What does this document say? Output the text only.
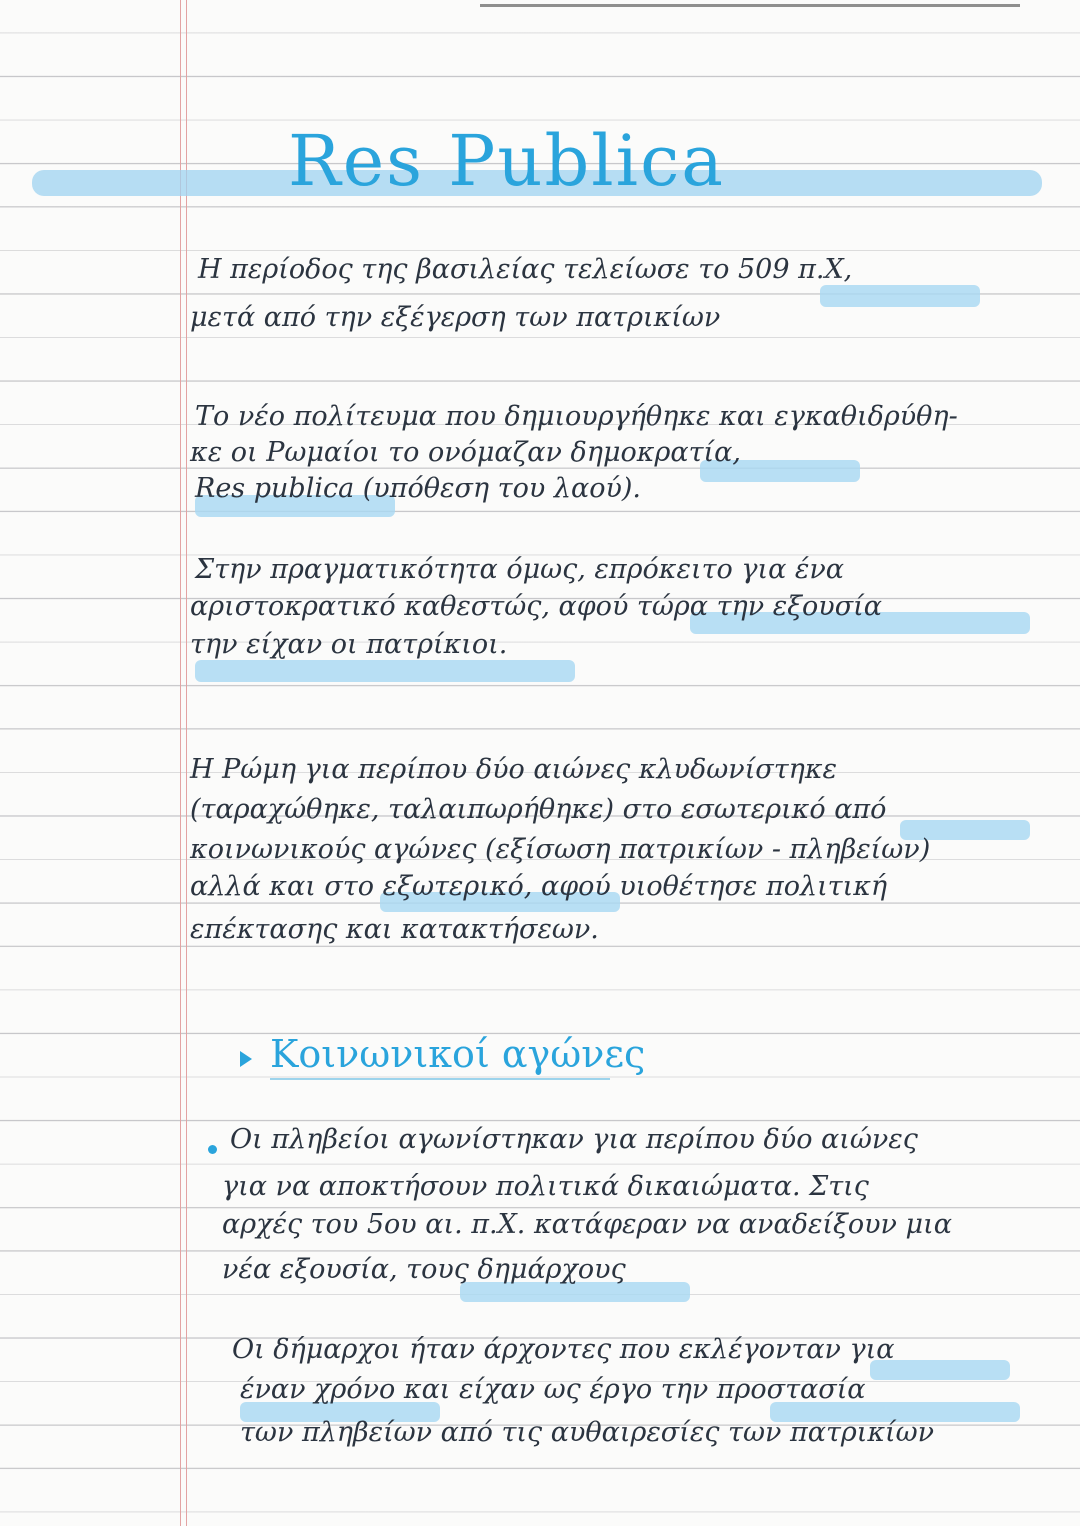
Res Publica
Η περίοδος της βασιλείας τελείωσε το 509 π.Χ,
μετά από την εξέγερση των πατρικίων
Το νέο πολίτευμα που δημιουργήθηκε και εγκαθιδρύθη-
κε οι Ρωμαίοι το ονόμαζαν δημοκρατία,
Res publica (υπόθεση του λαού).
Στην πραγματικότητα όμως, επρόκειτο για ένα
αριστοκρατικό καθεστώς, αφού τώρα την εξουσία
την είχαν οι πατρίκιοι.
Η Ρώμη για περίπου δύο αιώνες κλυδωνίστηκε
(ταραχώθηκε, ταλαιπωρήθηκε) στο εσωτερικό από
κοινωνικούς αγώνες (εξίσωση πατρικίων - πληβείων)
αλλά και στο εξωτερικό, αφού υιοθέτησε πολιτική
επέκτασης και κατακτήσεων.
Κοινωνικοί αγώνες
Οι πληβείοι αγωνίστηκαν για περίπου δύο αιώνες
για να αποκτήσουν πολιτικά δικαιώματα. Στις
αρχές του 5ου αι. π.Χ. κατάφεραν να αναδείξουν μια
νέα εξουσία, τους δημάρχους
Οι δήμαρχοι ήταν άρχοντες που εκλέγονταν για
έναν χρόνο και είχαν ως έργο την προστασία
των πληβείων από τις αυθαιρεσίες των πατρικίων
